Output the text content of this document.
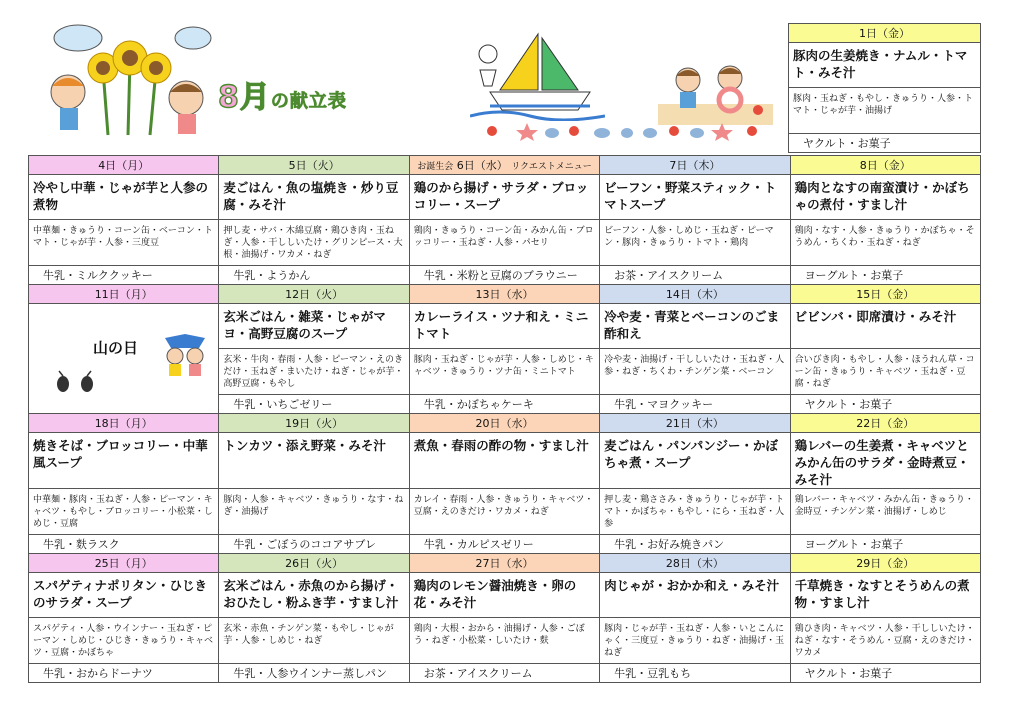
8月の献立表
1日（金）
豚肉の生姜焼き・ナムル・トマト・みそ汁
豚肉・玉ねぎ・もやし・きゅうり・人参・トマト・じゃが芋・油揚げ
ヤクルト・お菓子
4日（月）	5日（火）	お誕生会 6日（水） リクエストメニュー	7日（木）	8日（金）
冷やし中華・じゃが芋と人参の煮物	麦ごはん・魚の塩焼き・炒り豆腐・みそ汁	鶏のから揚げ・サラダ・ブロッコリー・スープ	ビーフン・野菜スティック・トマトスープ	鶏肉となすの南蛮漬け・かぼちゃの煮付・すまし汁
中華麺・きゅうり・コーン缶・ベーコン・トマト・じゃが芋・人参・三度豆	押し麦・サバ・木綿豆腐・鶏ひき肉・玉ねぎ・人参・干ししいたけ・グリンピース・大根・油揚げ・ワカメ・ねぎ	鶏肉・きゅうり・コーン缶・みかん缶・ブロッコリー・玉ねぎ・人参・パセリ	ビーフン・人参・しめじ・玉ねぎ・ピーマン・豚肉・きゅうり・トマト・鶏肉	鶏肉・なす・人参・きゅうり・かぼちゃ・そうめん・ちくわ・玉ねぎ・ねぎ
牛乳・ミルククッキー	牛乳・ようかん	牛乳・米粉と豆腐のブラウニー	お茶・アイスクリーム	ヨーグルト・お菓子
11日（月）	12日（火）	13日（水）	14日（木）	15日（金）

山の日	玄米ごはん・雑菜・じゃがマヨ・高野豆腐のスープ	カレーライス・ツナ和え・ミニトマト	冷や麦・青菜とベーコンのごま酢和え	ビビンバ・即席漬け・みそ汁
	玄米・牛肉・春雨・人参・ピーマン・えのきだけ・玉ねぎ・まいたけ・ねぎ・じゃが芋・高野豆腐・もやし	豚肉・玉ねぎ・じゃが芋・人参・しめじ・キャベツ・きゅうり・ツナ缶・ミニトマト	冷や麦・油揚げ・干ししいたけ・玉ねぎ・人参・ねぎ・ちくわ・チンゲン菜・ベーコン	合いびき肉・もやし・人参・ほうれん草・コーン缶・きゅうり・キャベツ・玉ねぎ・豆腐・ねぎ
	牛乳・いちごゼリー	牛乳・かぼちゃケーキ	牛乳・マヨクッキー	ヤクルト・お菓子
18日（月）	19日（火）	20日（水）	21日（木）	22日（金）
焼きそば・ブロッコリー・中華風スープ	トンカツ・添え野菜・みそ汁	煮魚・春雨の酢の物・すまし汁	麦ごはん・パンパンジー・かぼちゃ煮・スープ	鶏レバーの生姜煮・キャベツとみかん缶のサラダ・金時煮豆・みそ汁
中華麺・豚肉・玉ねぎ・人参・ピーマン・キャベツ・もやし・ブロッコリー・小松菜・しめじ・豆腐	豚肉・人参・キャベツ・きゅうり・なす・ねぎ・油揚げ	カレイ・春雨・人参・きゅうり・キャベツ・豆腐・えのきだけ・ワカメ・ねぎ	押し麦・鶏ささみ・きゅうり・じゃが芋・トマト・かぼちゃ・もやし・にら・玉ねぎ・人参	鶏レバー・キャベツ・みかん缶・きゅうり・金時豆・チンゲン菜・油揚げ・しめじ
牛乳・麩ラスク	牛乳・ごぼうのココアサブレ	牛乳・カルピスゼリー	牛乳・お好み焼きパン	ヨーグルト・お菓子
25日（月）	26日（火）	27日（水）	28日（木）	29日（金）
スパゲティナポリタン・ひじきのサラダ・スープ	玄米ごはん・赤魚のから揚げ・おひたし・粉ふき芋・すまし汁	鶏肉のレモン醤油焼き・卵の花・みそ汁	肉じゃが・おかか和え・みそ汁	千草焼き・なすとそうめんの煮物・すまし汁
スパゲティ・人参・ウインナー・玉ねぎ・ピーマン・しめじ・ひじき・きゅうり・キャベツ・豆腐・かぼちゃ	玄米・赤魚・チンゲン菜・もやし・じゃが芋・人参・しめじ・ねぎ	鶏肉・大根・おから・油揚げ・人参・ごぼう・ねぎ・小松菜・しいたけ・麩	豚肉・じゃが芋・玉ねぎ・人参・いとこんにゃく・三度豆・きゅうり・ねぎ・油揚げ・玉ねぎ	鶏ひき肉・キャベツ・人参・干ししいたけ・ねぎ・なす・そうめん・豆腐・えのきだけ・ワカメ
牛乳・おからドーナツ	牛乳・人参ウインナー蒸しパン	お茶・アイスクリーム	牛乳・豆乳もち	ヤクルト・お菓子
